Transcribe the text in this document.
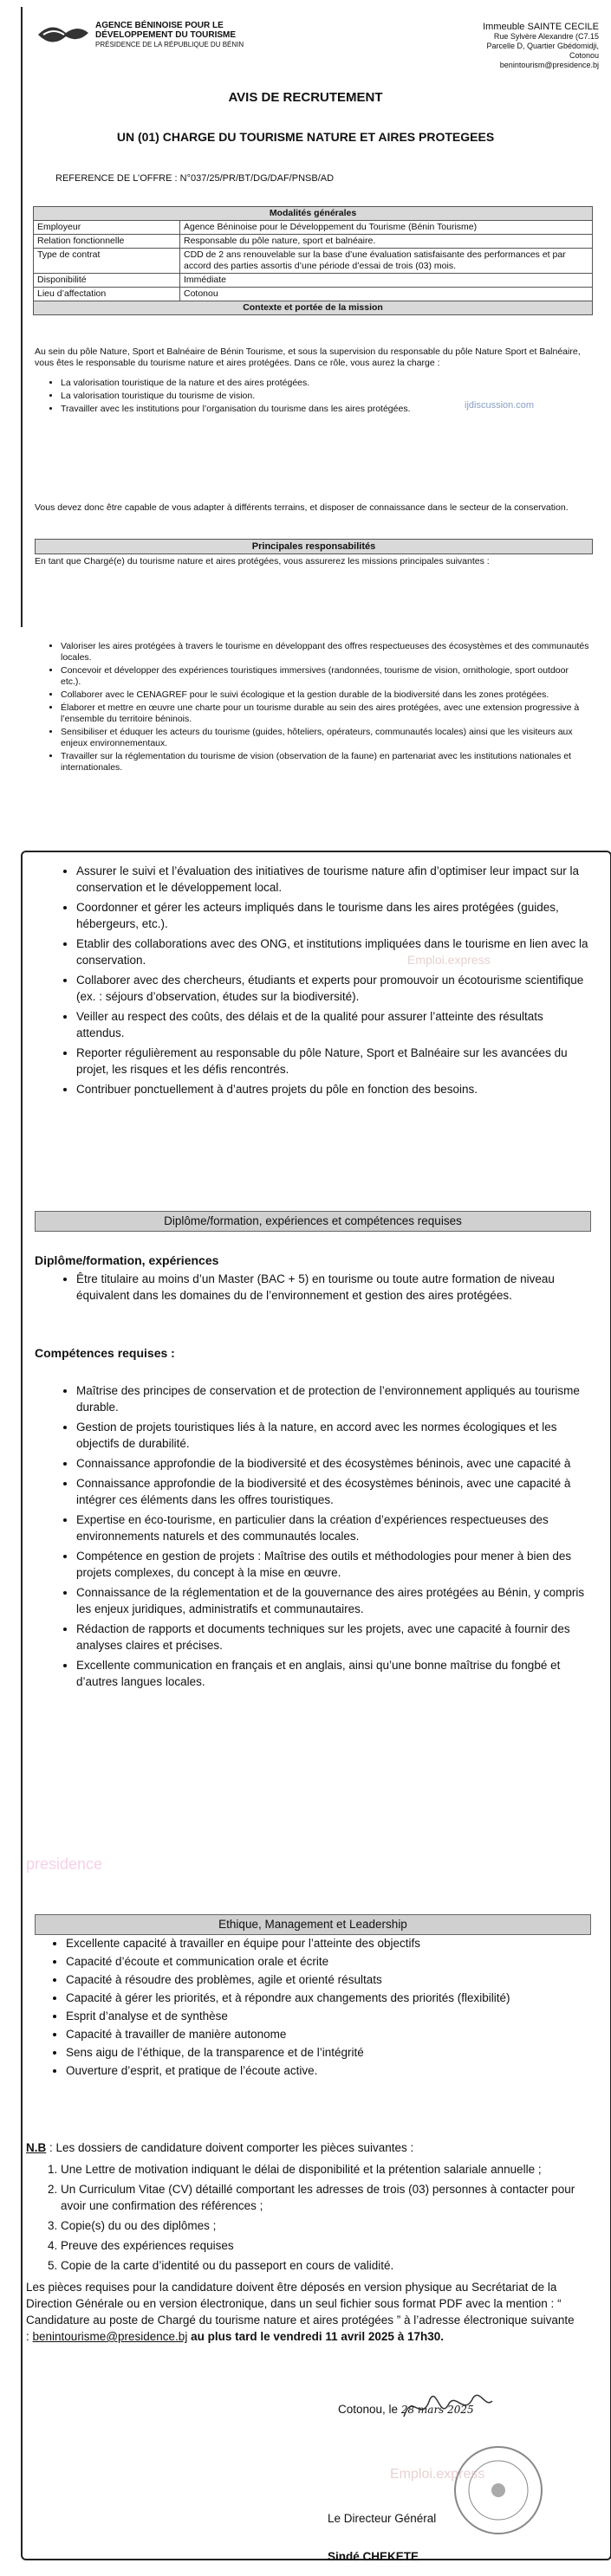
AGENCE BÉNINOISE POUR LE
DÉVELOPPEMENT DU TOURISME
PRÉSIDENCE DE LA RÉPUBLIQUE DU BÉNIN
Immeuble SAINTE CECILE
Rue Sylvère Alexandre (C7.15
Parcelle D, Quartier Gbédomidji,
Cotonou
benintourism@presidence.bj
AVIS DE RECRUTEMENT
UN (01) CHARGE DU TOURISME NATURE ET AIRES PROTEGEES
REFERENCE DE L’OFFRE : N°037/25/PR/BT/DG/DAF/PNSB/AD
Modalités générales	
Employeur	Agence Béninoise pour le Développement du Tourisme (Bénin Tourisme)
Relation fonctionnelle	Responsable du pôle nature, sport et balnéaire.
Type de contrat	CDD de 2 ans renouvelable sur la base d’une évaluation satisfaisante des performances et par accord des parties assortis d’une période d’essai de trois (03) mois.
Disponibilité	Immédiate
Lieu d’affectation	Cotonou
Contexte et portée de la mission	
Au sein du pôle Nature, Sport et Balnéaire de Bénin Tourisme, et sous la supervision du responsable du pôle Nature Sport et Balnéaire, vous êtes le responsable du tourisme nature et aires protégées. Dans ce rôle, vous aurez la charge :
• La valorisation touristique de la nature et des aires protégées.
• La valorisation touristique du tourisme de vision.
• Travailler avec les institutions pour l’organisation du tourisme dans les aires protégées.	ijdiscussion.com
Vous devez donc être capable de vous adapter à différents terrains, et disposer de connaissance dans le secteur de la conservation.
Principales responsabilités
En tant que Chargé(e) du tourisme nature et aires protégées, vous assurerez les missions principales suivantes :
• Valoriser les aires protégées à travers le tourisme en développant des offres respectueuses des écosystèmes et des communautés locales.
• Concevoir et développer des expériences touristiques immersives (randonnées, tourisme de vision, ornithologie, sport outdoor etc.).
• Collaborer avec le CENAGREF pour le suivi écologique et la gestion durable de la biodiversité dans les zones protégées.
• Élaborer et mettre en œuvre une charte pour un tourisme durable au sein des aires protégées, avec une extension progressive à l’ensemble du territoire béninois.
• Sensibiliser et éduquer les acteurs du tourisme (guides, hôteliers, opérateurs, communautés locales) ainsi que les visiteurs aux enjeux environnementaux.
• Travailler sur la réglementation du tourisme de vision (observation de la faune) en partenariat avec les institutions nationales et internationales.
• Assurer le suivi et l’évaluation des initiatives de tourisme nature afin d’optimiser leur impact sur la conservation et le développement local.
• Coordonner et gérer les acteurs impliqués dans le tourisme dans les aires protégées (guides, hébergeurs, etc.).
• Etablir des collaborations avec des ONG, et institutions impliquées dans le tourisme en lien avec la conservation.
• Collaborer avec des chercheurs, étudiants et experts pour promouvoir un écotourisme scientifique (ex. : séjours d’observation, études sur la biodiversité).
• Veiller au respect des coûts, des délais et de la qualité pour assurer l’atteinte des résultats attendus.
• Reporter régulièrement au responsable du pôle Nature, Sport et Balnéaire sur les avancées du projet, les risques et les défis rencontrés.
• Contribuer ponctuellement à d’autres projets du pôle en fonction des besoins.
Emploi.express
Diplôme/formation, expériences et compétences requises
Diplôme/formation, expériences
• Être titulaire au moins d’un Master (BAC + 5) en tourisme ou toute autre formation de niveau équivalent dans les domaines du de l’environnement et gestion des aires protégées.
Compétences requises :
• Maîtrise des principes de conservation et de protection de l’environnement appliqués au tourisme durable.
• Gestion de projets touristiques liés à la nature, en accord avec les normes écologiques et les objectifs de durabilité.
• Connaissance approfondie de la biodiversité et des écosystèmes béninois, avec une capacité à
• Connaissance approfondie de la biodiversité et des écosystèmes béninois, avec une capacité à intégrer ces éléments dans les offres touristiques.
• Expertise en éco-tourisme, en particulier dans la création d’expériences respectueuses des environnements naturels et des communautés locales.
• Compétence en gestion de projets : Maîtrise des outils et méthodologies pour mener à bien des projets complexes, du concept à la mise en œuvre.
• Connaissance de la réglementation et de la gouvernance des aires protégées au Bénin, y compris les enjeux juridiques, administratifs et communautaires.
• Rédaction de rapports et documents techniques sur les projets, avec une capacité à fournir des analyses claires et précises.
• Excellente communication en français et en anglais, ainsi qu’une bonne maîtrise du fongbé et d’autres langues locales.
presidence
Ethique, Management et Leadership
• Excellente capacité à travailler en équipe pour l’atteinte des objectifs
• Capacité d’écoute et communication orale et écrite
• Capacité à résoudre des problèmes, agile et orienté résultats
• Capacité à gérer les priorités, et à répondre aux changements des priorités (flexibilité)
• Esprit d’analyse et de synthèse
• Capacité à travailler de manière autonome
• Sens aigu de l’éthique, de la transparence et de l’intégrité
• Ouverture d’esprit, et pratique de l’écoute active.
N.B : Les dossiers de candidature doivent comporter les pièces suivantes :
1. Une Lettre de motivation indiquant le délai de disponibilité et la prétention salariale annuelle ;
2. Un Curriculum Vitae (CV) détaillé comportant les adresses de trois (03) personnes à contacter pour avoir une confirmation des références ;
3. Copie(s) du ou des diplômes ;
4. Preuve des expériences requises
5. Copie de la carte d’identité ou du passeport en cours de validité.
Les pièces requises pour la candidature doivent être déposés en version physique au Secrétariat de la Direction Générale ou en version électronique, dans un seul fichier sous format PDF avec la mention : “ Candidature au poste de Chargé du tourisme nature et aires protégées ” à l’adresse électronique suivante : benintourisme@presidence.bj au plus tard le vendredi 11 avril 2025 à 17h30.
Cotonou, le 28 mars 2025
Emploi.express
Le Directeur Général
Sindé CHEKETE
